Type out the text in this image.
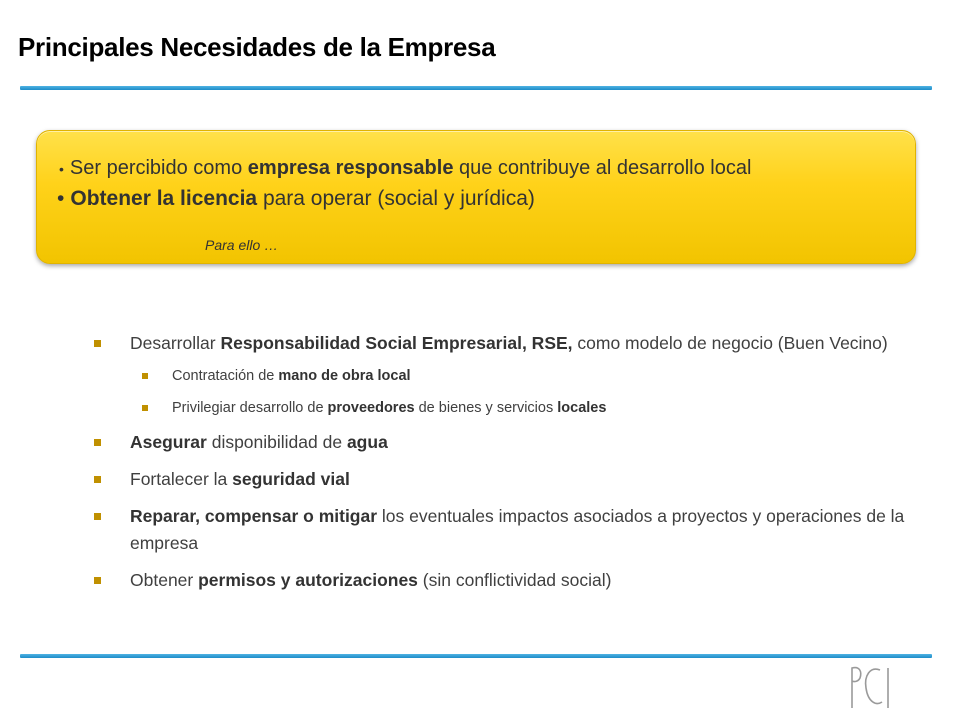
Principales Necesidades de la Empresa
• Ser percibido como empresa responsable que contribuye al desarrollo local
• Obtener la licencia para operar (social y jurídica)
Para ello …
Desarrollar Responsabilidad Social Empresarial, RSE, como modelo de negocio (Buen Vecino)
Contratación de mano de obra local
Privilegiar desarrollo de proveedores de bienes y servicios locales
Asegurar disponibilidad de agua
Fortalecer la seguridad vial
Reparar, compensar o mitigar los eventuales impactos asociados a proyectos y operaciones de la empresa
Obtener permisos y autorizaciones (sin conflictividad social)
